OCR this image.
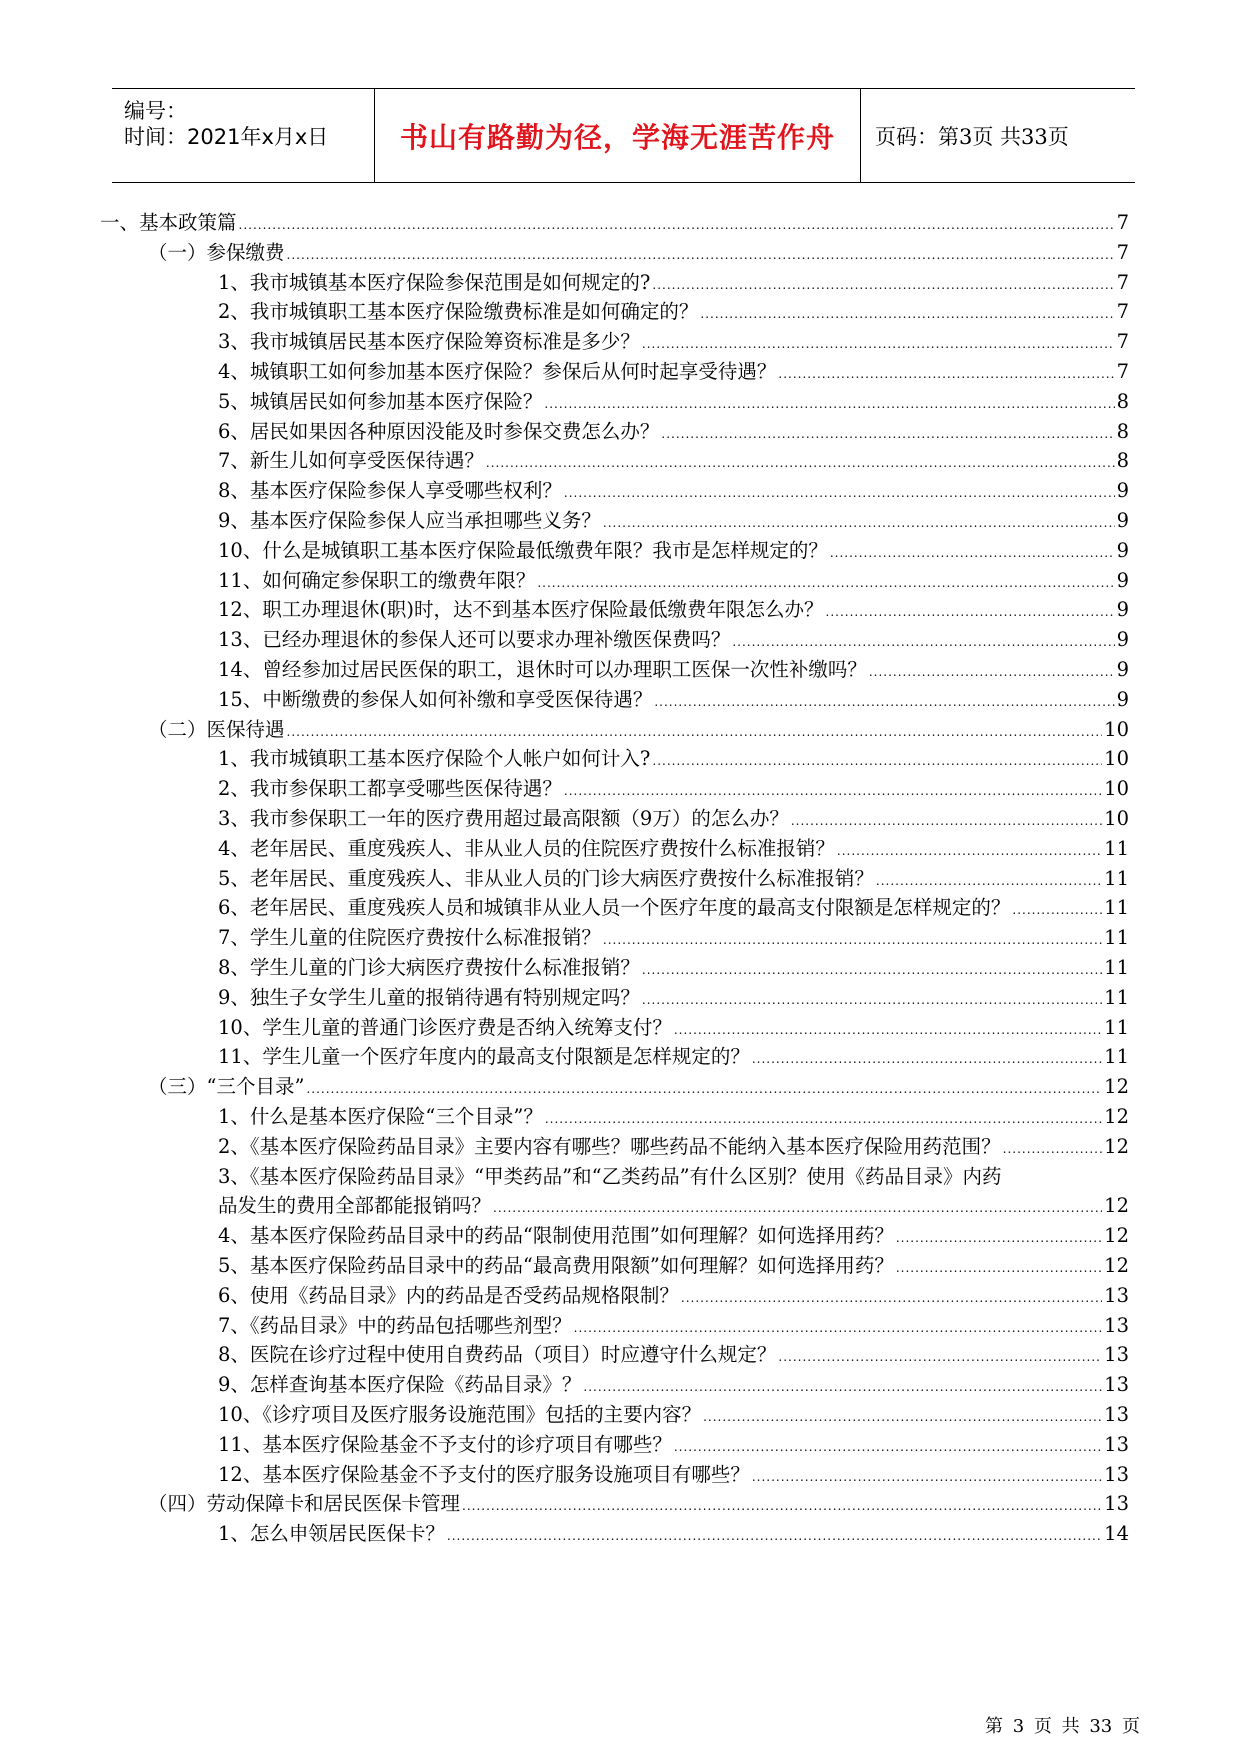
编号：
时间：2021年x月x日	书山有路勤为径，学海无涯苦作舟	页码：第3页 共33页
一、基本政策篇 .....	7
（一）参保缴费 .....	7
1、我市城镇基本医疗保险参保范围是如何规定的? .....	7
2、我市城镇职工基本医疗保险缴费标准是如何确定的？ .....	7
3、我市城镇居民基本医疗保险筹资标准是多少？ .....	7
4、城镇职工如何参加基本医疗保险？参保后从何时起享受待遇？ .....	7
5、城镇居民如何参加基本医疗保险？ .....	8
6、居民如果因各种原因没能及时参保交费怎么办？ .....	8
7、新生儿如何享受医保待遇？ .....	8
8、基本医疗保险参保人享受哪些权利？ .....	9
9、基本医疗保险参保人应当承担哪些义务？ .....	9
10、什么是城镇职工基本医疗保险最低缴费年限？我市是怎样规定的？ .....	9
11、如何确定参保职工的缴费年限？ .....	9
12、职工办理退休(职)时，达不到基本医疗保险最低缴费年限怎么办？ .....	9
13、已经办理退休的参保人还可以要求办理补缴医保费吗？ .....	9
14、曾经参加过居民医保的职工，退休时可以办理职工医保一次性补缴吗？ .....	9
15、中断缴费的参保人如何补缴和享受医保待遇？ .....	9
（二）医保待遇 .....	10
1、我市城镇职工基本医疗保险个人帐户如何计入? .....	10
2、我市参保职工都享受哪些医保待遇？ .....	10
3、我市参保职工一年的医疗费用超过最高限额（9万）的怎么办？ .....	10
4、老年居民、重度残疾人、非从业人员的住院医疗费按什么标准报销？ .....	11
5、老年居民、重度残疾人、非从业人员的门诊大病医疗费按什么标准报销？ .....	11
6、老年居民、重度残疾人员和城镇非从业人员一个医疗年度的最高支付限额是怎样规定的？ .....	11
7、学生儿童的住院医疗费按什么标准报销？ .....	11
8、学生儿童的门诊大病医疗费按什么标准报销？ .....	11
9、独生子女学生儿童的报销待遇有特别规定吗？ .....	11
10、学生儿童的普通门诊医疗费是否纳入统筹支付？ .....	11
11、学生儿童一个医疗年度内的最高支付限额是怎样规定的？ .....	11
（三）“三个目录” .....	12
1、什么是基本医疗保险“三个目录”？ .....	12
2、《基本医疗保险药品目录》主要内容有哪些？哪些药品不能纳入基本医疗保险用药范围？ .....	12
3、《基本医疗保险药品目录》“甲类药品”和“乙类药品”有什么区别？使用《药品目录》内药
品发生的费用全部都能报销吗？ .....	12
4、基本医疗保险药品目录中的药品“限制使用范围”如何理解？如何选择用药？ .....	12
5、基本医疗保险药品目录中的药品“最高费用限额”如何理解？如何选择用药？ .....	12
6、使用《药品目录》内的药品是否受药品规格限制？ .....	13
7、《药品目录》中的药品包括哪些剂型？ .....	13
8、医院在诊疗过程中使用自费药品（项目）时应遵守什么规定？ .....	13
9、怎样查询基本医疗保险《药品目录》？ .....	13
10、《诊疗项目及医疗服务设施范围》包括的主要内容？ .....	13
11、基本医疗保险基金不予支付的诊疗项目有哪些？ .....	13
12、基本医疗保险基金不予支付的医疗服务设施项目有哪些？ .....	13
（四）劳动保障卡和居民医保卡管理 .....	13
1、怎么申领居民医保卡？ .....	14
第 3 页 共 33 页
